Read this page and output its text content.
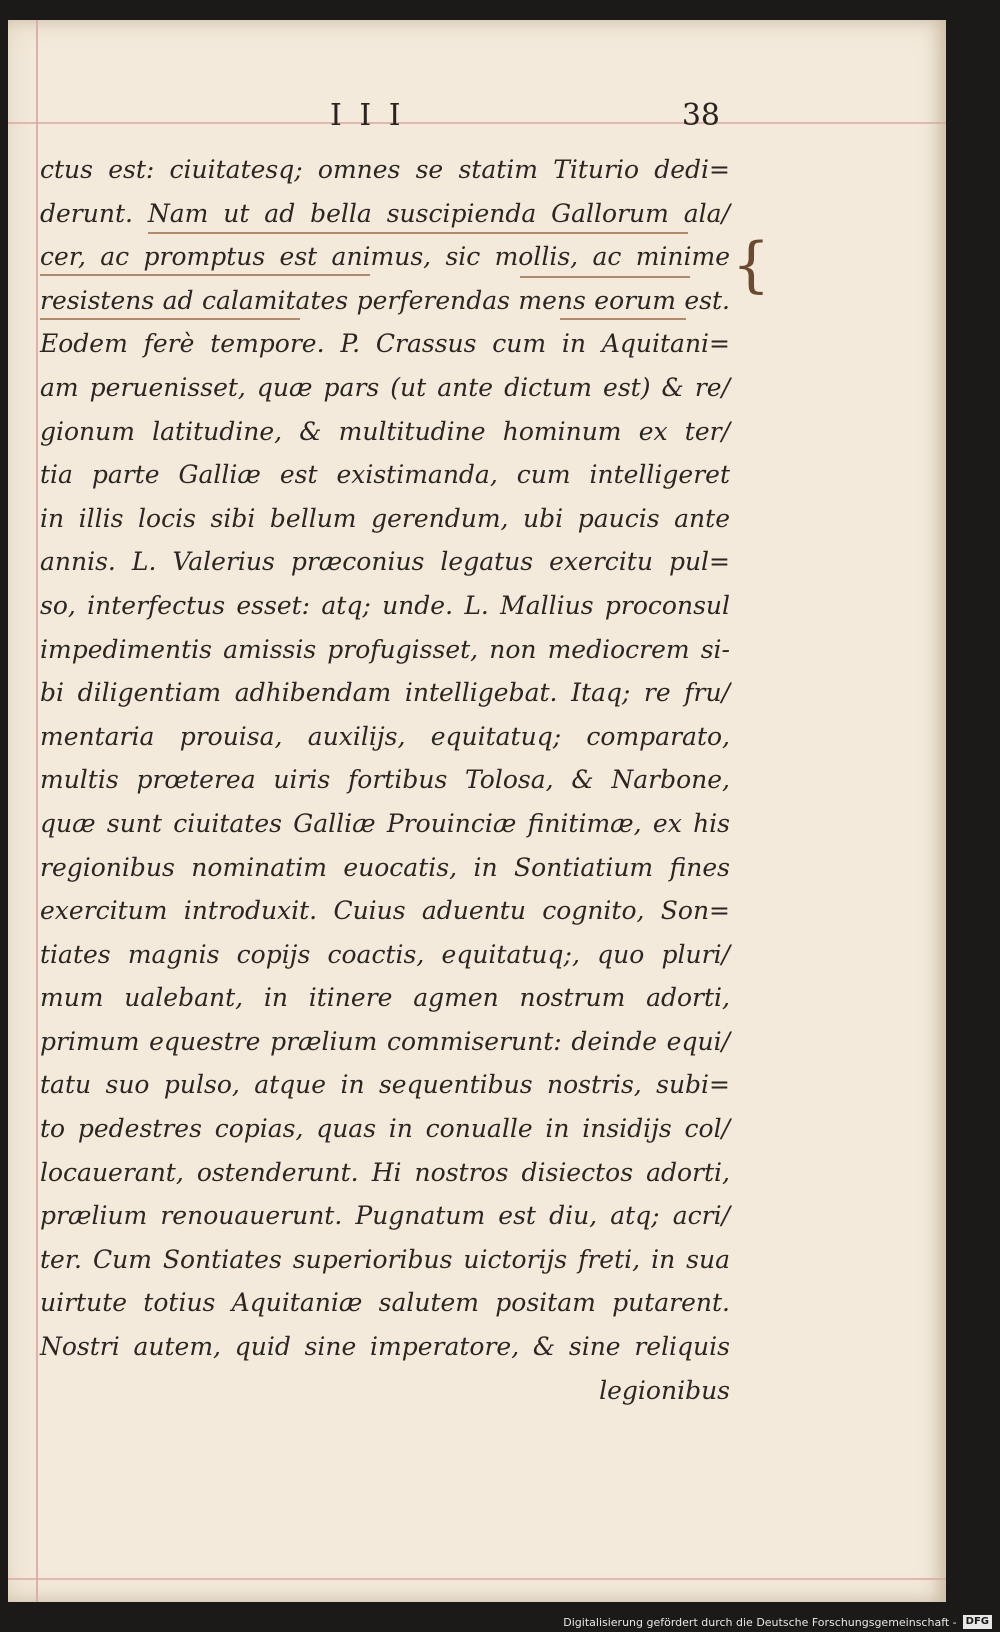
I I I	38
ctus est: ciuitatesq; omnes se statim Titurio dedi=
derunt. Nam ut ad bella suscipienda Gallorum ala/
cer, ac promptus est animus, sic mollis, ac minime
resistens ad calamitates perferendas mens eorum est.
Eodem ferè tempore. P. Crassus cum in Aquitani=
am peruenisset, quæ pars (ut ante dictum est) & re/
gionum latitudine, & multitudine hominum ex ter/
tia parte Galliæ est existimanda, cum intelligeret
in illis locis sibi bellum gerendum, ubi paucis ante
annis. L. Valerius præconius legatus exercitu pul=
so, interfectus esset: atq; unde. L. Mallius proconsul
impedimentis amissis profugisset, non mediocrem si-
bi diligentiam adhibendam intelligebat. Itaq; re fru/
mentaria prouisa, auxilijs, equitatuq; comparato,
multis prœterea uiris fortibus Tolosa, & Narbone,
quæ sunt ciuitates Galliæ Prouinciæ finitimæ, ex his
regionibus nominatim euocatis, in Sontiatium fines
exercitum introduxit. Cuius aduentu cognito, Son=
tiates magnis copijs coactis, equitatuq;, quo pluri/
mum ualebant, in itinere agmen nostrum adorti,
primum equestre prælium commiserunt: deinde equi/
tatu suo pulso, atque in sequentibus nostris, subi=
to pedestres copias, quas in conualle in insidijs col/
locauerant, ostenderunt. Hi nostros disiectos adorti,
prælium renouauerunt. Pugnatum est diu, atq; acri/
ter. Cum Sontiates superioribus uictorijs freti, in sua
uirtute totius Aquitaniæ salutem positam putarent.
Nostri autem, quid sine imperatore, & sine reliquis
legionibus
{
Digitalisierung gefördert durch die Deutsche Forschungsgemeinschaft - DFG
